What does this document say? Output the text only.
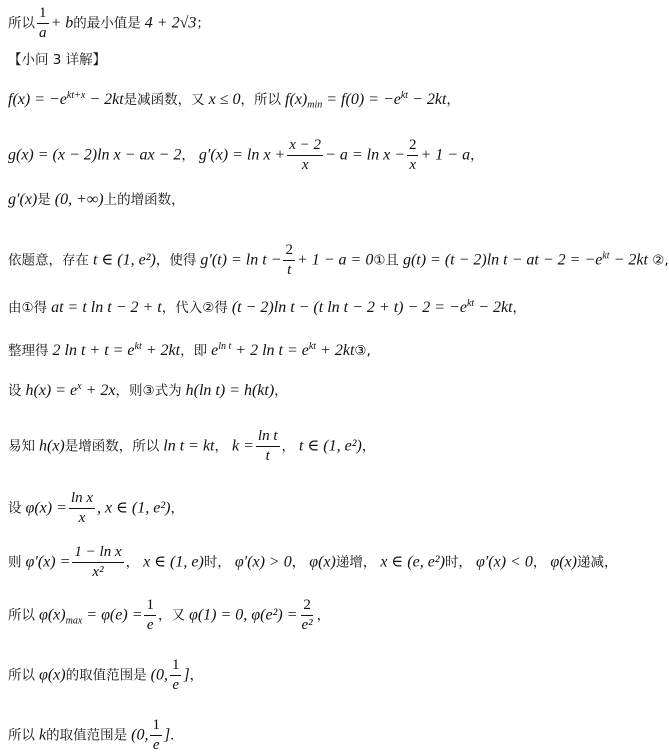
所以 $\frac{1}{a} + b$的最小值是 4 + 2√3；
【小问 3 详解】
$f(x) = -e^{kt+x} - 2kt$是减函数，又 x ≤ 0，所以 $f(x)_{min} = f(0) = -e^{kt} - 2kt$，
g(x) = (x − 2)ln x − ax − 2， $g'(x) = \ln x + \frac{x - 2}{x} - a = \ln x - \frac{2}{x} + 1 - a$，
g′(x)是 (0, +∞)上的增函数，
依题意，存在 t ∈ (1, e²)，使得 $g'(t) = \ln t - \frac{2}{t} + 1 - a$ = 0①且 g(t) = (t − 2)ln t − at − $2 = -e^{kt} - 2kt$ ②,
由①得 at = t ln t − 2 + t，代入②得 (t − 2)ln t − (t $\ln t - 2 + t) - 2 = -e^{kt} - 2kt$，
整理得 2 $\ln t + t = e^{kt} + 2kt$，即 $e^{ln t} + 2$ $\ln t = e^{kt}$ + 2kt③,
设 $h(x) = e^x + 2x$，则③式为 h(ln t) = h(kt)，
易知 h(x)是增函数，所以 ln t = kt， $k = \frac{\text{ln t}}{t}$ ， t ∈ (1, e²)，
设 $\varphi(x) = \frac{\text{ln x}}{x}$ , x ∈ (1, e²)，
则 $\varphi'(x) = \frac{\text{1 − ln x}}{\text{x²}}$ ， x ∈ (1, e)时， φ′(x) > 0， φ(x)递增， x ∈ (e, e²)时， φ′(x) < 0， φ(x)递减，
所以 $\varphi(x)_{max} = \varphi(e) = \frac{1}{e}$ ，又 φ(1) = 0, $\varphi(e^2) = \frac{2}{\text{e²}}$ ，
所以 φ(x)的取值范围是 (0, $\frac{1}{e}$ ]，
所以 k的取值范围是 (0, $\frac{1}{e}$ ]．
